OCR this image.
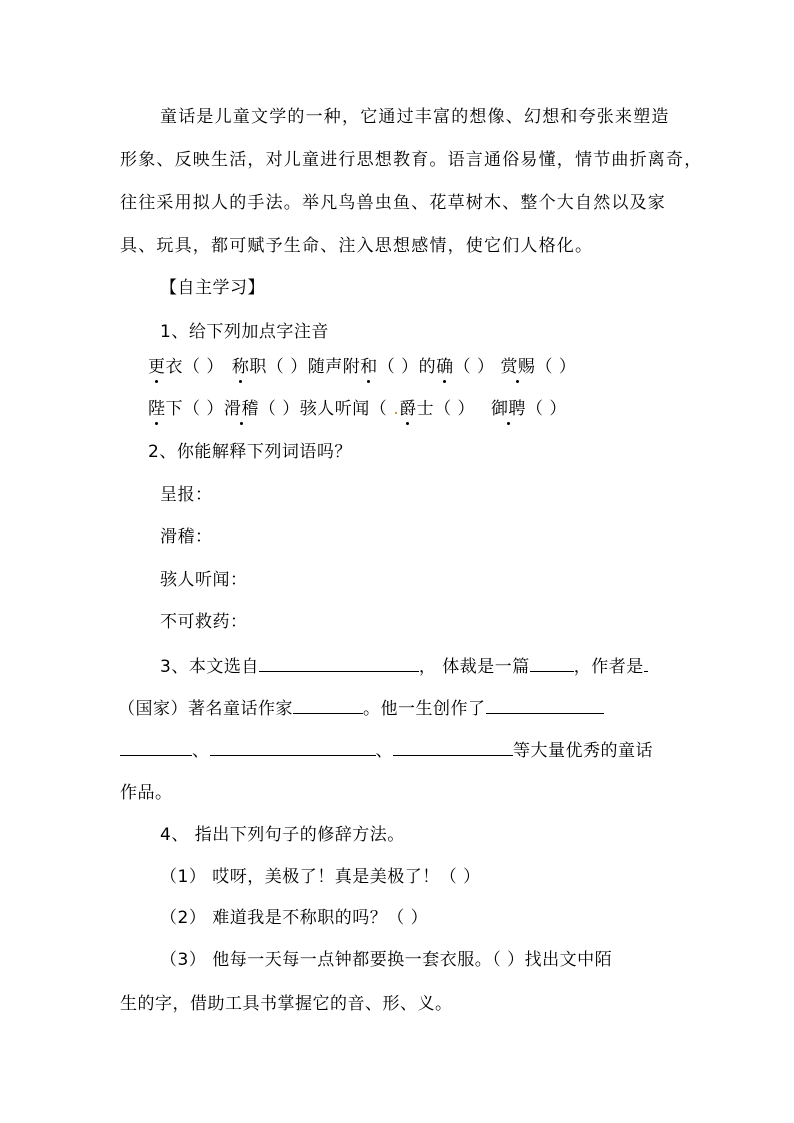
童话是儿童文学的一种，它通过丰富的想像、幻想和夸张来塑造
形象、反映生活，对儿童进行思想教育。语言通俗易懂，情节曲折离奇，
往往采用拟人的手法。举凡鸟兽虫鱼、花草树木、整个大自然以及家
具、玩具，都可赋予生命、注入思想感情，使它们人格化。
【自主学习】
1、给下列加点字注音
更衣（ ） 称职（ ）随声附和（ ）的确（ ） 赏赐（ ）
陛下（ ）滑稽（ ）骇人听闻（ .爵士（ ） 御聘（ ）
2、你能解释下列词语吗？
呈报：
滑稽：
骇人听闻：
不可救药：
3、本文选自	， 体裁是一篇	，作者是
（国家）著名童话作家	。他一生创作了
、	、	等大量优秀的童话
作品。
4、 指出下列句子的修辞方法。
（1） 哎呀，美极了！真是美极了！（ ）
（2） 难道我是不称职的吗？（ ）
（3） 他每一天每一点钟都要换一套衣服。（ ）找出文中陌
生的字，借助工具书掌握它的音、形、义。
